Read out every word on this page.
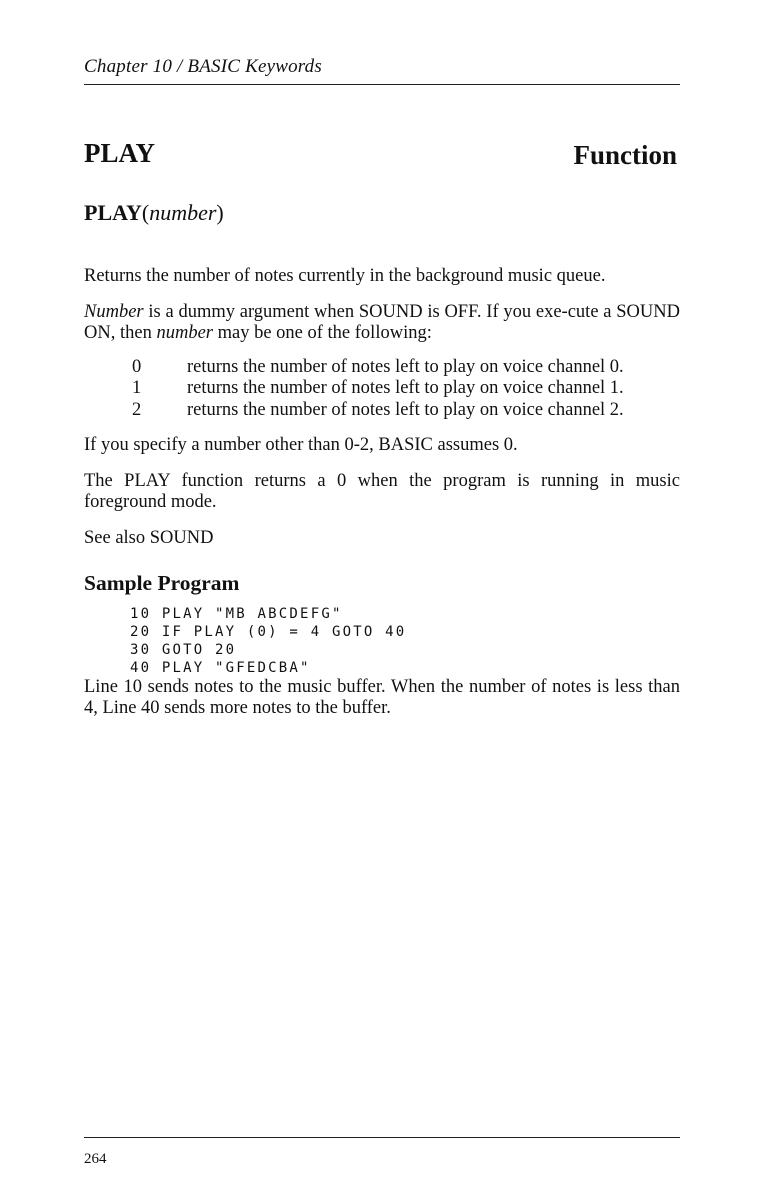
Chapter 10 / BASIC Keywords
PLAY	Function
PLAY(number)

Returns the number of notes currently in the background music queue.

Number is a dummy argument when SOUND is OFF. If you exe-cute a SOUND ON, then number may be one of the following:

0	returns the number of notes left to play on voice channel 0.
1	returns the number of notes left to play on voice channel 1.
2	returns the number of notes left to play on voice channel 2.

If you specify a number other than 0-2, BASIC assumes 0.

The PLAY function returns a 0 when the program is running in music foreground mode.

See also SOUND

Sample Program
10 PLAY "MB ABCDEFG"
20 IF PLAY (0) = 4 GOTO 40
30 GOTO 20
40 PLAY "GFEDCBA"

Line 10 sends notes to the music buffer. When the number of notes is less than 4, Line 40 sends more notes to the buffer.

264
